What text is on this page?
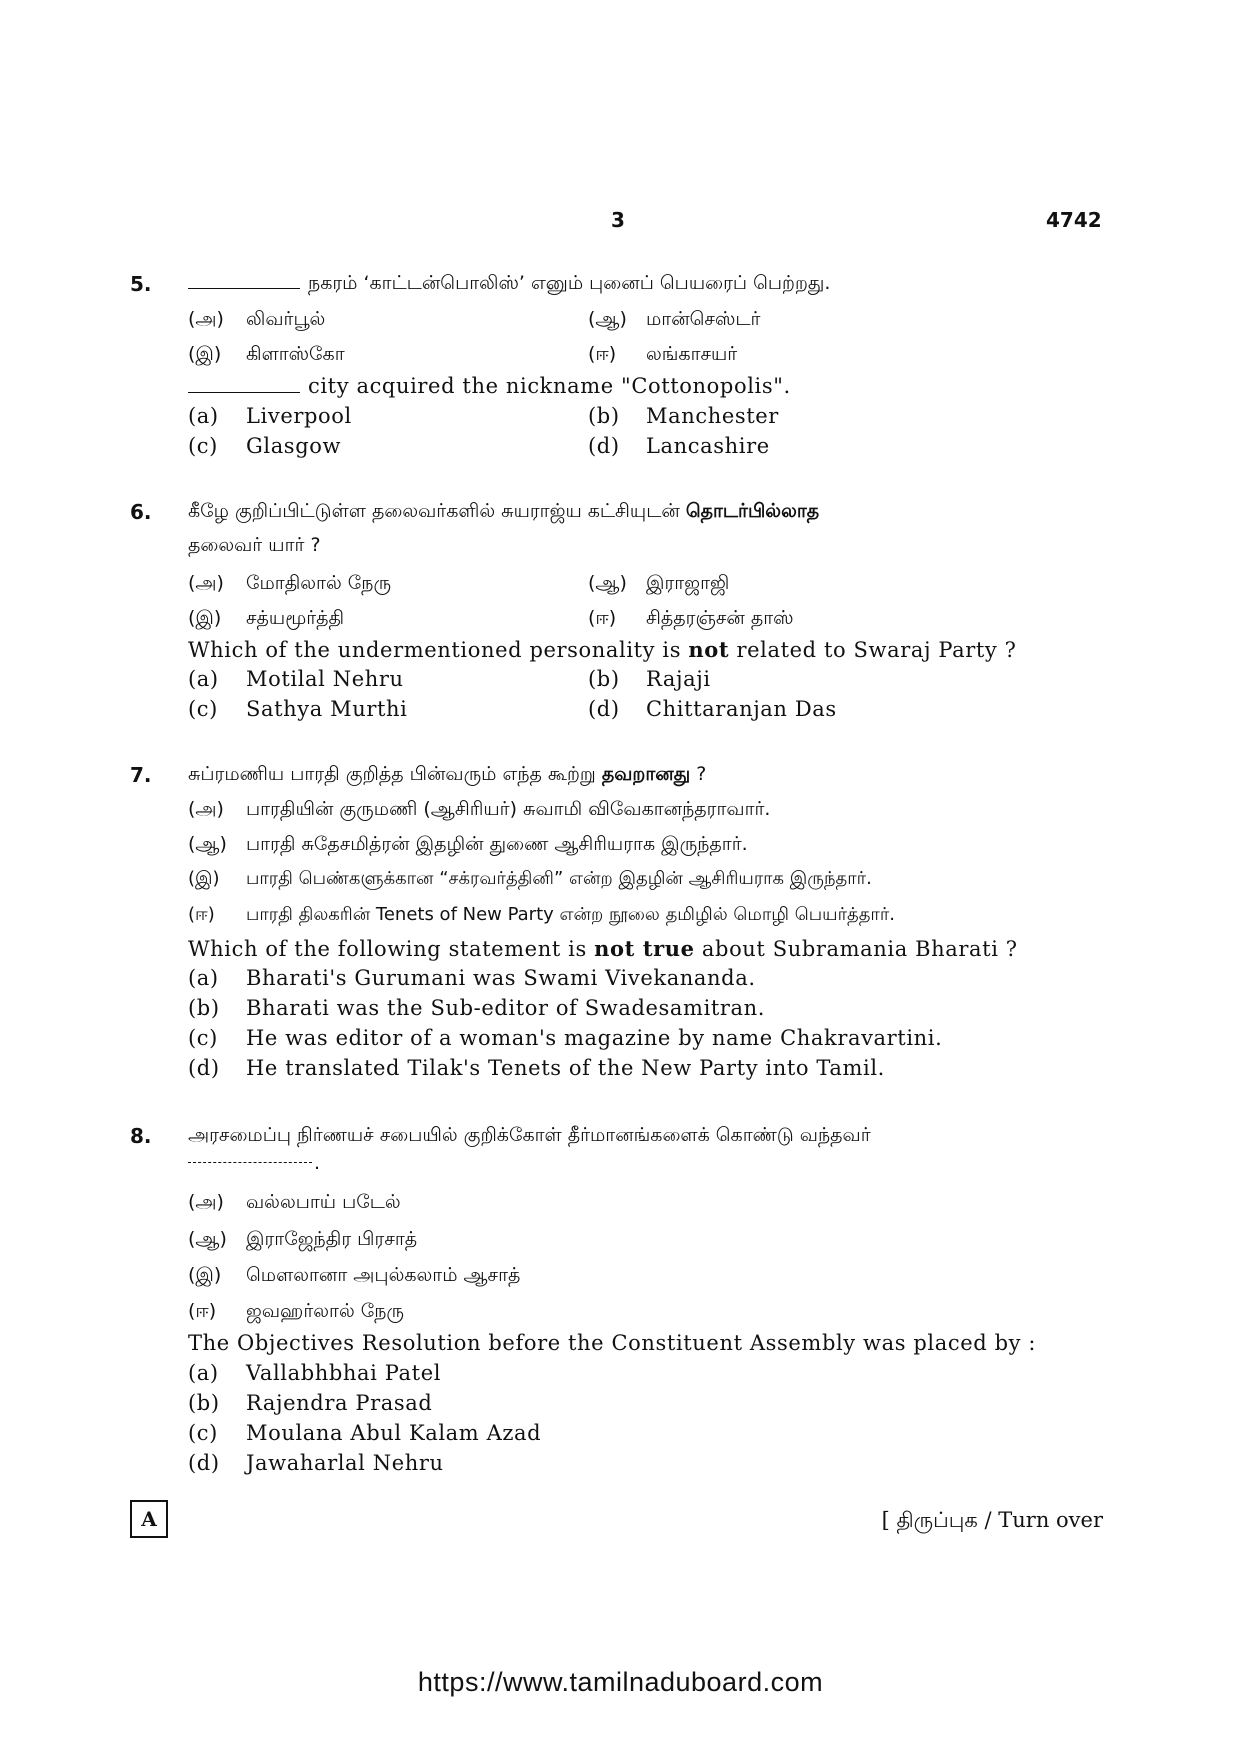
3	4742
5.	நகரம் ‘காட்டன்பொலிஸ்’ எனும் புனைப் பெயரைப் பெற்றது.
(அ) லிவர்பூல்	(ஆ) மான்செஸ்டர்
(இ) கிளாஸ்கோ	(ஈ) லங்காசயர்
city acquired the nickname "Cottonopolis".
(a) Liverpool	(b) Manchester
(c) Glasgow	(d) Lancashire
6. கீழே குறிப்பிட்டுள்ள தலைவர்களில் சுயராஜ்ய கட்சியுடன் தொடர்பில்லாத
தலைவர் யார் ?
(அ) மோதிலால் நேரு	(ஆ) இராஜாஜி
(இ) சத்யமூர்த்தி	(ஈ) சித்தரஞ்சன் தாஸ்
Which of the undermentioned personality is not related to Swaraj Party ?
(a) Motilal Nehru	(b) Rajaji
(c) Sathya Murthi	(d) Chittaranjan Das
7. சுப்ரமணிய பாரதி குறித்த பின்வரும் எந்த கூற்று தவறானது ?
(அ) பாரதியின் குருமணி (ஆசிரியர்) சுவாமி விவேகானந்தராவார்.
(ஆ) பாரதி சுதேசமித்ரன் இதழின் துணை ஆசிரியராக இருந்தார்.
(இ) பாரதி பெண்களுக்கான “சக்ரவர்த்தினி” என்ற இதழின் ஆசிரியராக இருந்தார்.
(ஈ) பாரதி திலகரின் Tenets of New Party என்ற நூலை தமிழில் மொழி பெயர்த்தார்.
Which of the following statement is not true about Subramania Bharati ?
(a) Bharati's Gurumani was Swami Vivekananda.
(b) Bharati was the Sub-editor of Swadesamitran.
(c) He was editor of a woman's magazine by name Chakravartini.
(d) He translated Tilak's Tenets of the New Party into Tamil.
8. அரசமைப்பு நிர்ணயச் சபையில் குறிக்கோள் தீர்மானங்களைக் கொண்டு வந்தவர்
.
(அ) வல்லபாய் படேல்
(ஆ) இராஜேந்திர பிரசாத்
(இ) மௌலானா அபுல்கலாம் ஆசாத்
(ஈ) ஜவஹர்லால் நேரு
The Objectives Resolution before the Constituent Assembly was placed by :
(a) Vallabhbhai Patel
(b) Rajendra Prasad
(c) Moulana Abul Kalam Azad
(d) Jawaharlal Nehru
A	[ திருப்புக / Turn over
https://www.tamilnaduboard.com
